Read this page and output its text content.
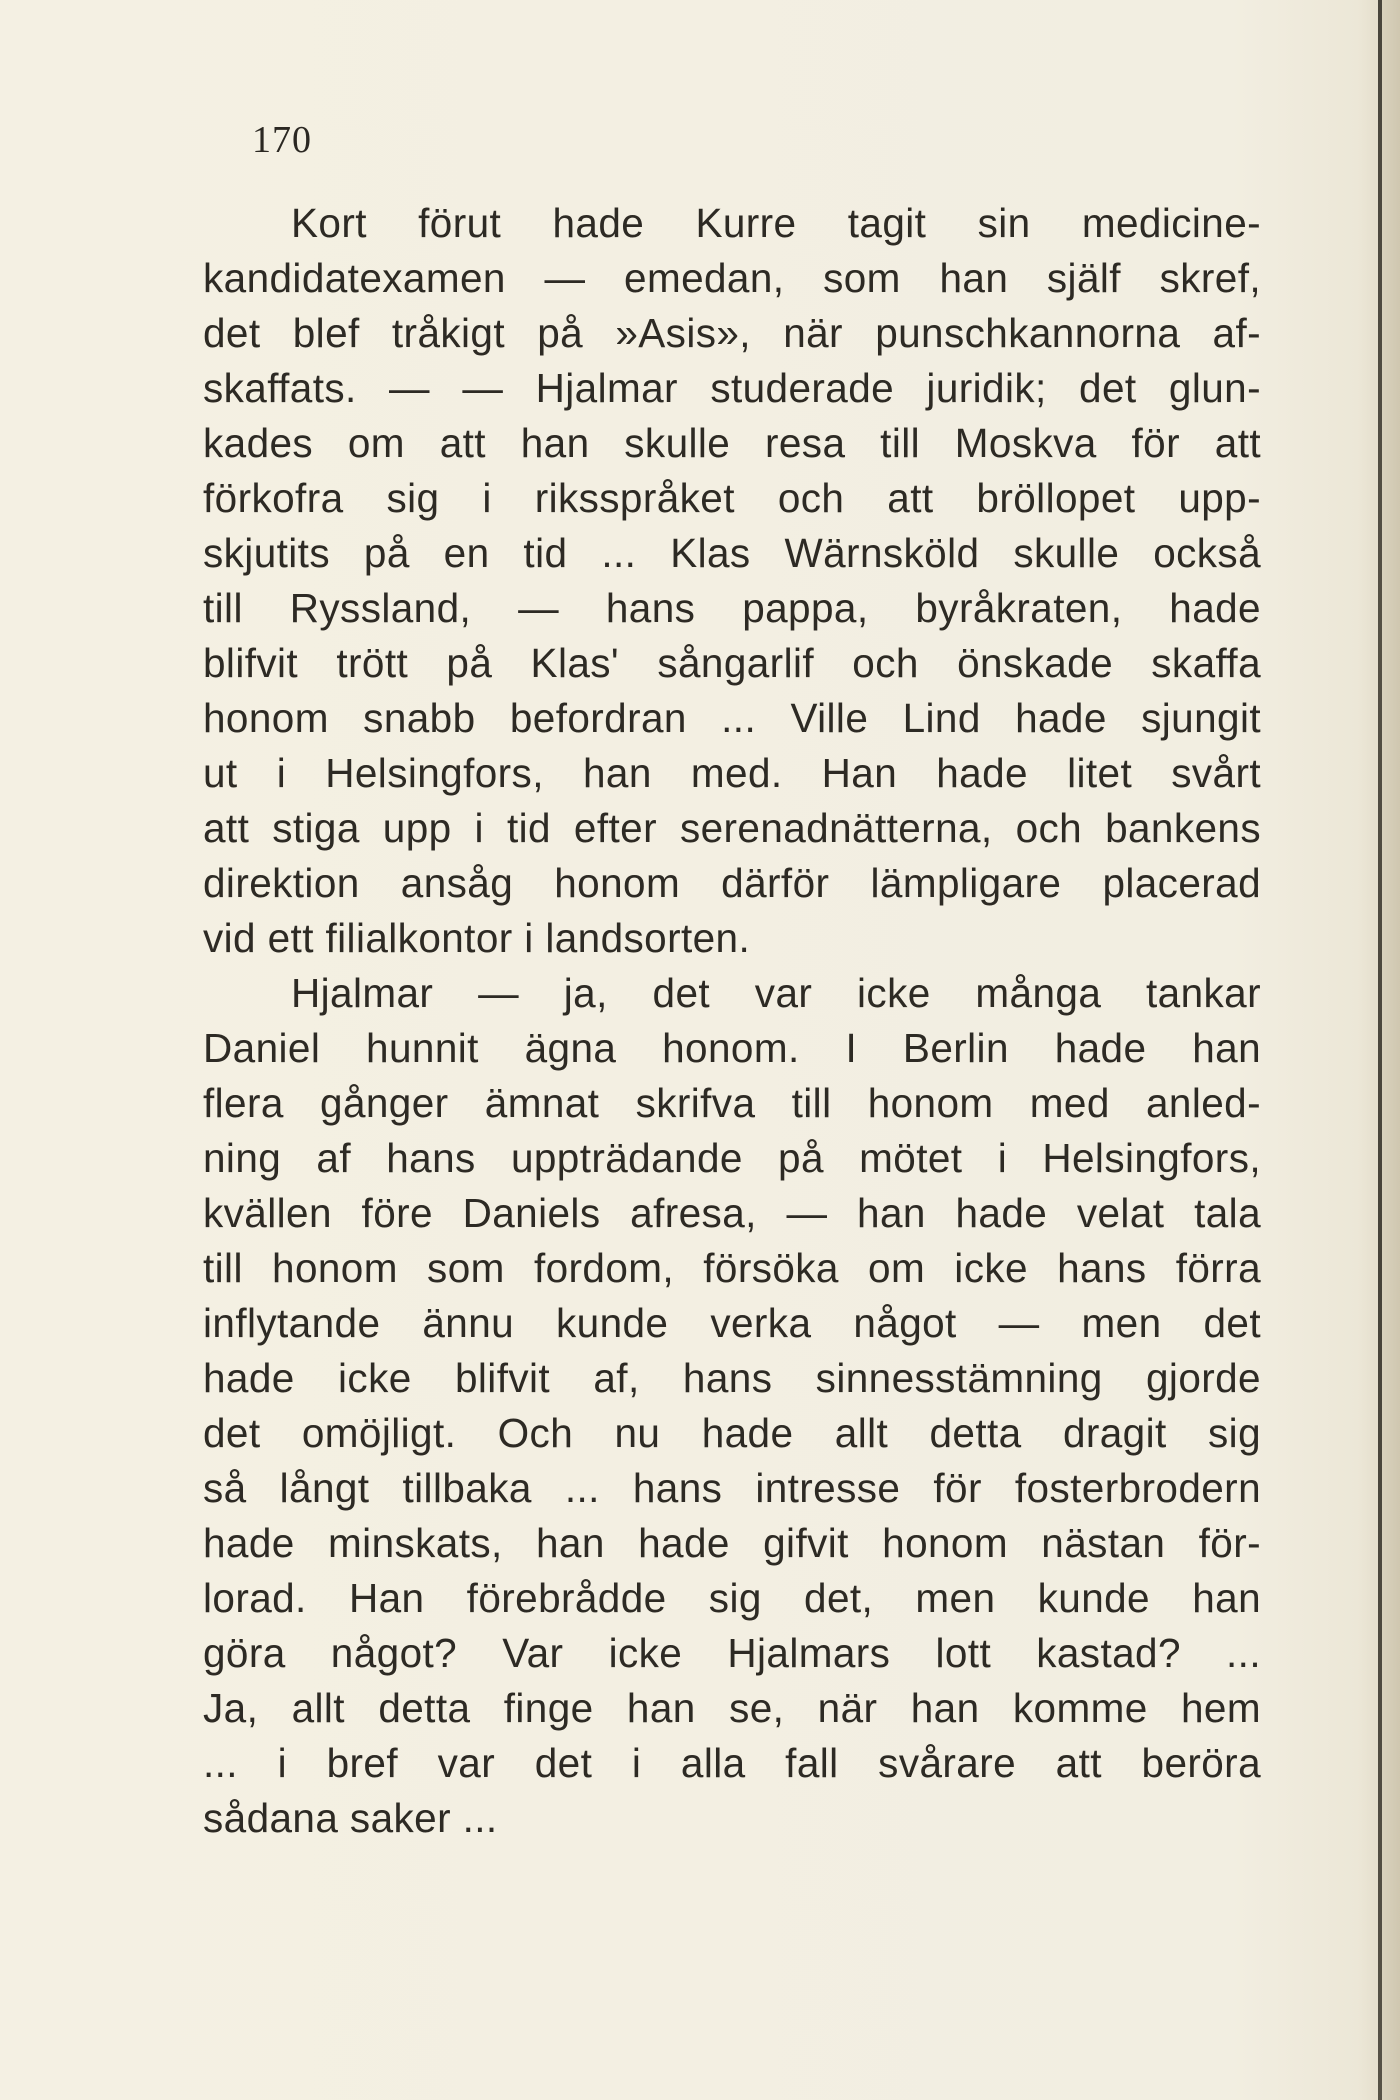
170
Kort förut hade Kurre tagit sin medicine-
kandidatexamen — emedan, som han själf skref,
det blef tråkigt på »Asis», när punschkannorna af-
skaffats. — — Hjalmar studerade juridik; det glun-
kades om att han skulle resa till Moskva för att
förkofra sig i riksspråket och att bröllopet upp-
skjutits på en tid ... Klas Wärnsköld skulle också
till Ryssland, — hans pappa, byråkraten, hade
blifvit trött på Klas' sångarlif och önskade skaffa
honom snabb befordran ... Ville Lind hade sjungit
ut i Helsingfors, han med. Han hade litet svårt
att stiga upp i tid efter serenadnätterna, och bankens
direktion ansåg honom därför lämpligare placerad
vid ett filialkontor i landsorten.
Hjalmar — ja, det var icke många tankar
Daniel hunnit ägna honom. I Berlin hade han
flera gånger ämnat skrifva till honom med anled-
ning af hans uppträdande på mötet i Helsingfors,
kvällen före Daniels afresa, — han hade velat tala
till honom som fordom, försöka om icke hans förra
inflytande ännu kunde verka något — men det
hade icke blifvit af, hans sinnesstämning gjorde
det omöjligt. Och nu hade allt detta dragit sig
så långt tillbaka ... hans intresse för fosterbrodern
hade minskats, han hade gifvit honom nästan för-
lorad. Han förebrådde sig det, men kunde han
göra något? Var icke Hjalmars lott kastad? ...
Ja, allt detta finge han se, när han komme hem
... i bref var det i alla fall svårare att beröra
sådana saker ...
